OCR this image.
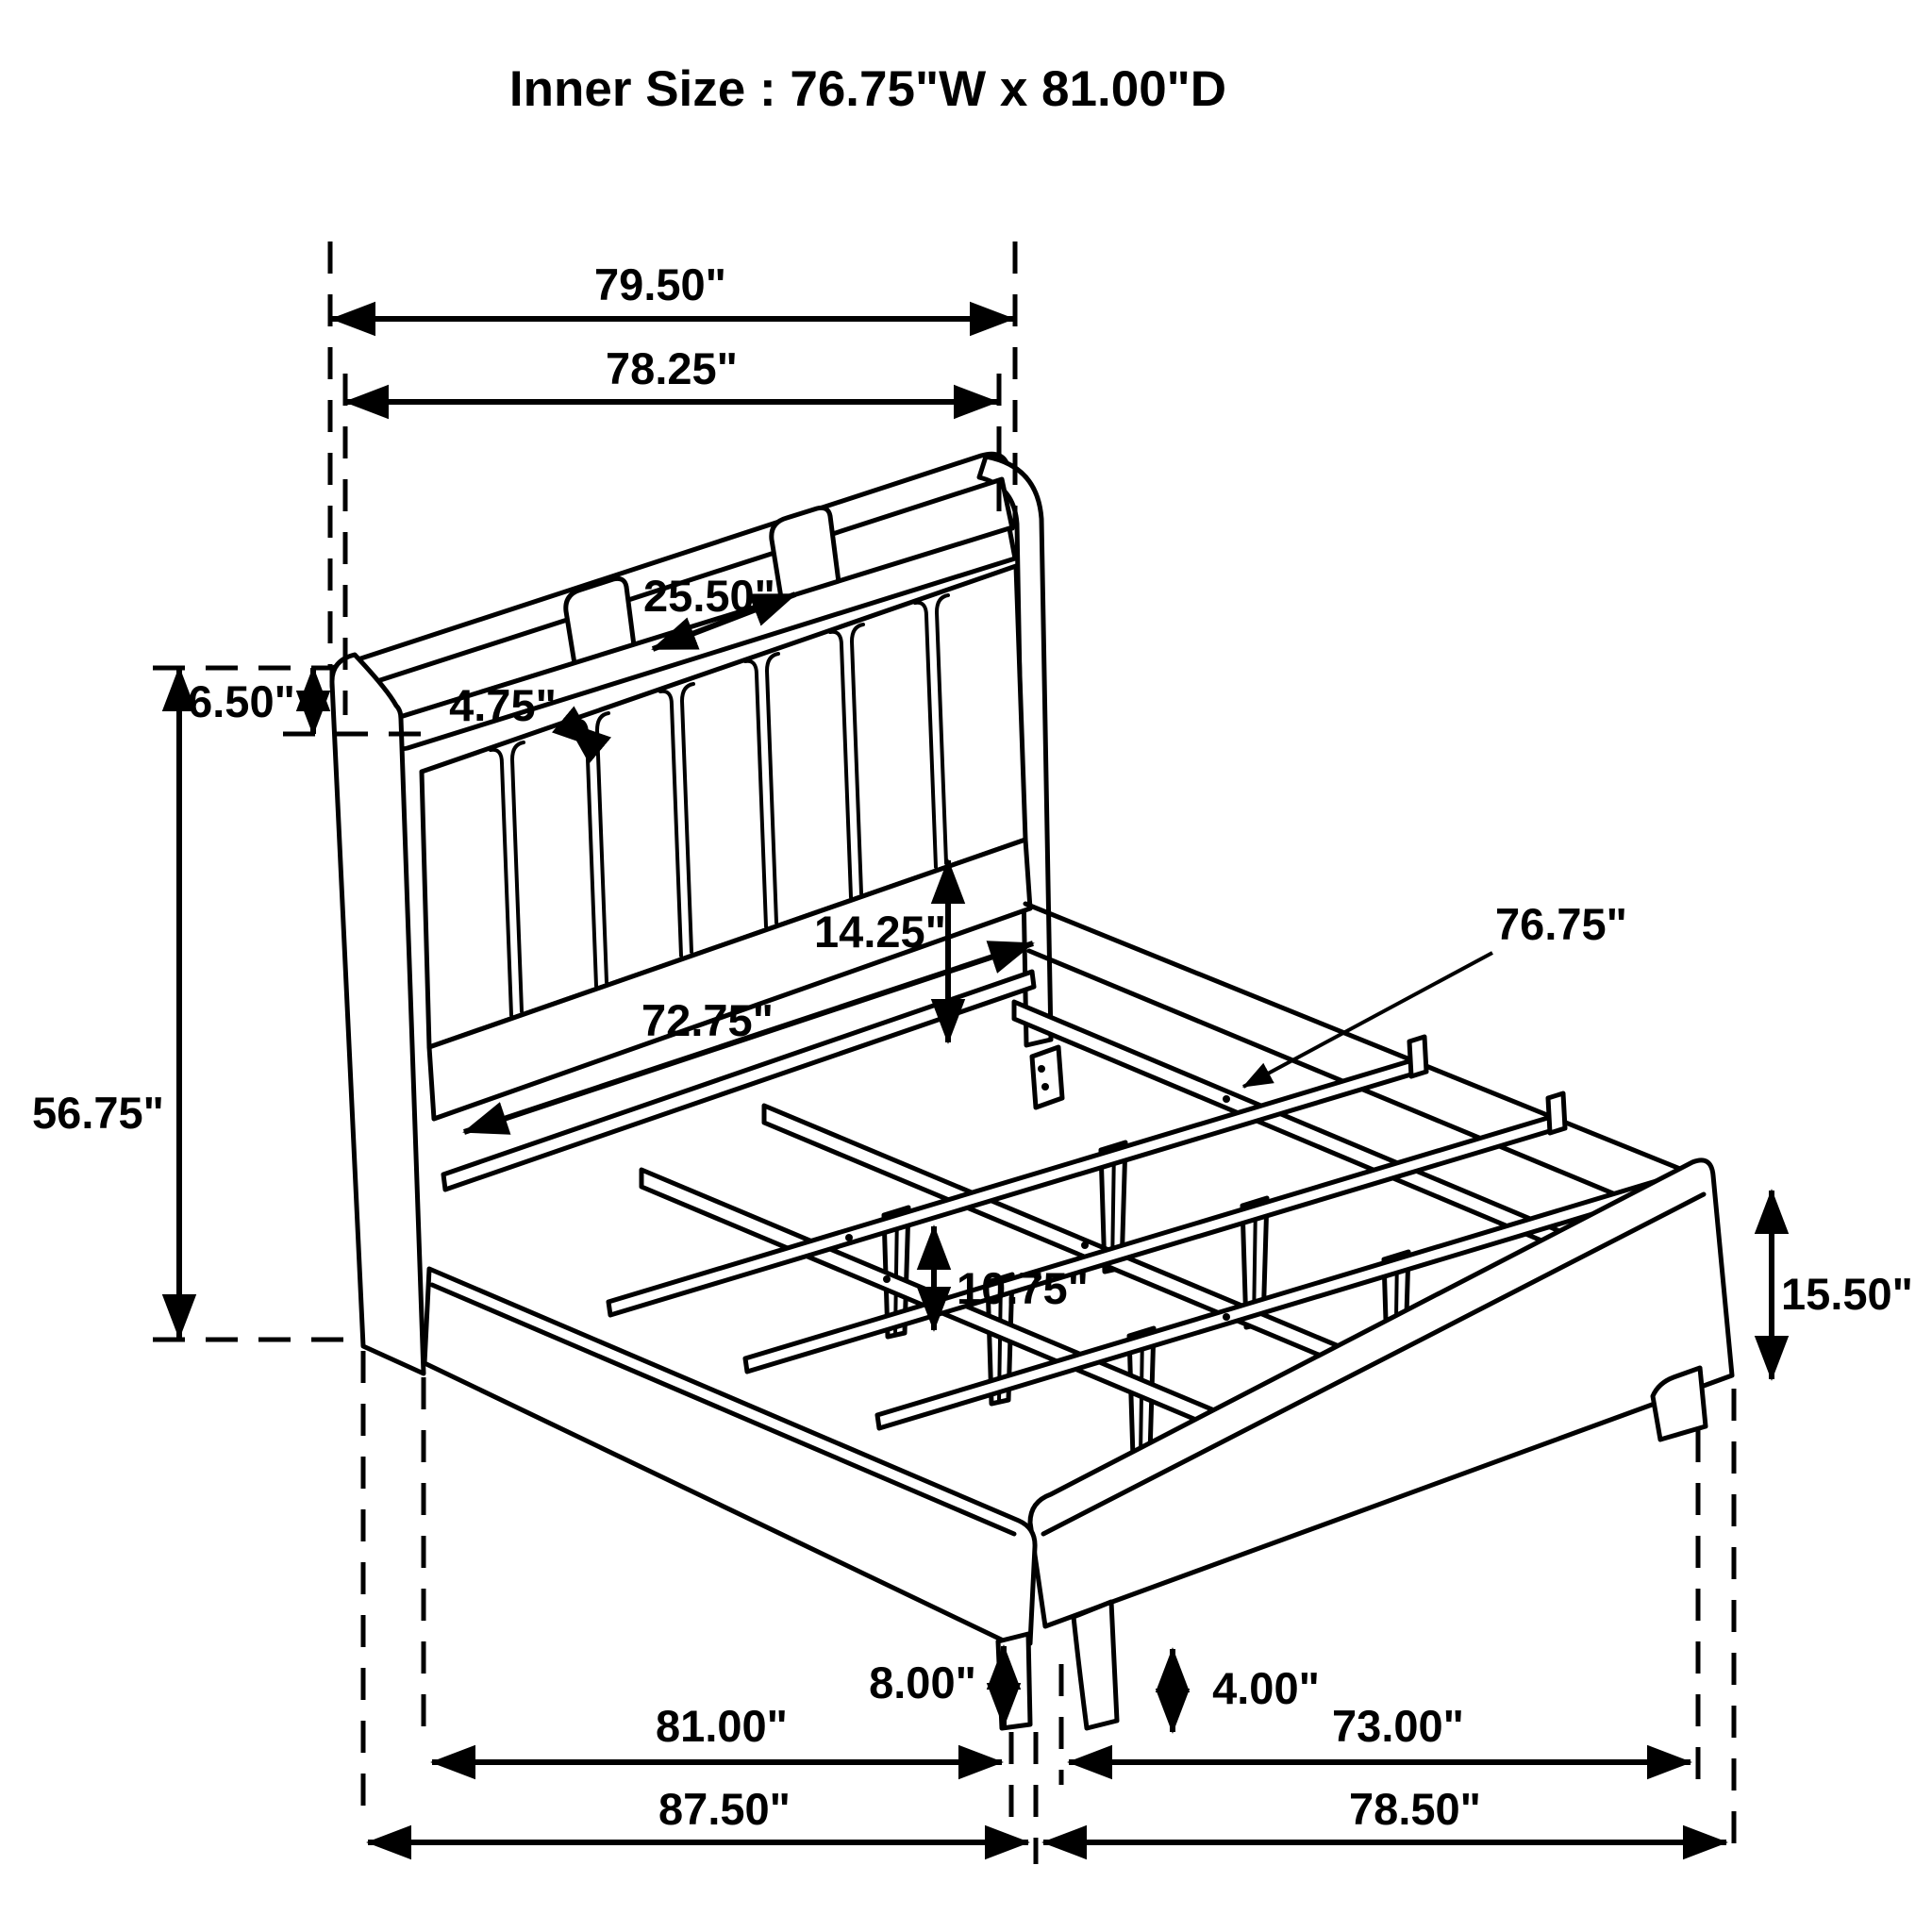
Inner Size : 76.75"W x 81.00"D
79.50"
78.25"
6.50"
25.50"
4.75"
56.75"
14.25"
72.75"
76.75"
15.50"
10.75"
8.00"	4.00"
81.00"	73.00"
87.50"	78.50"
